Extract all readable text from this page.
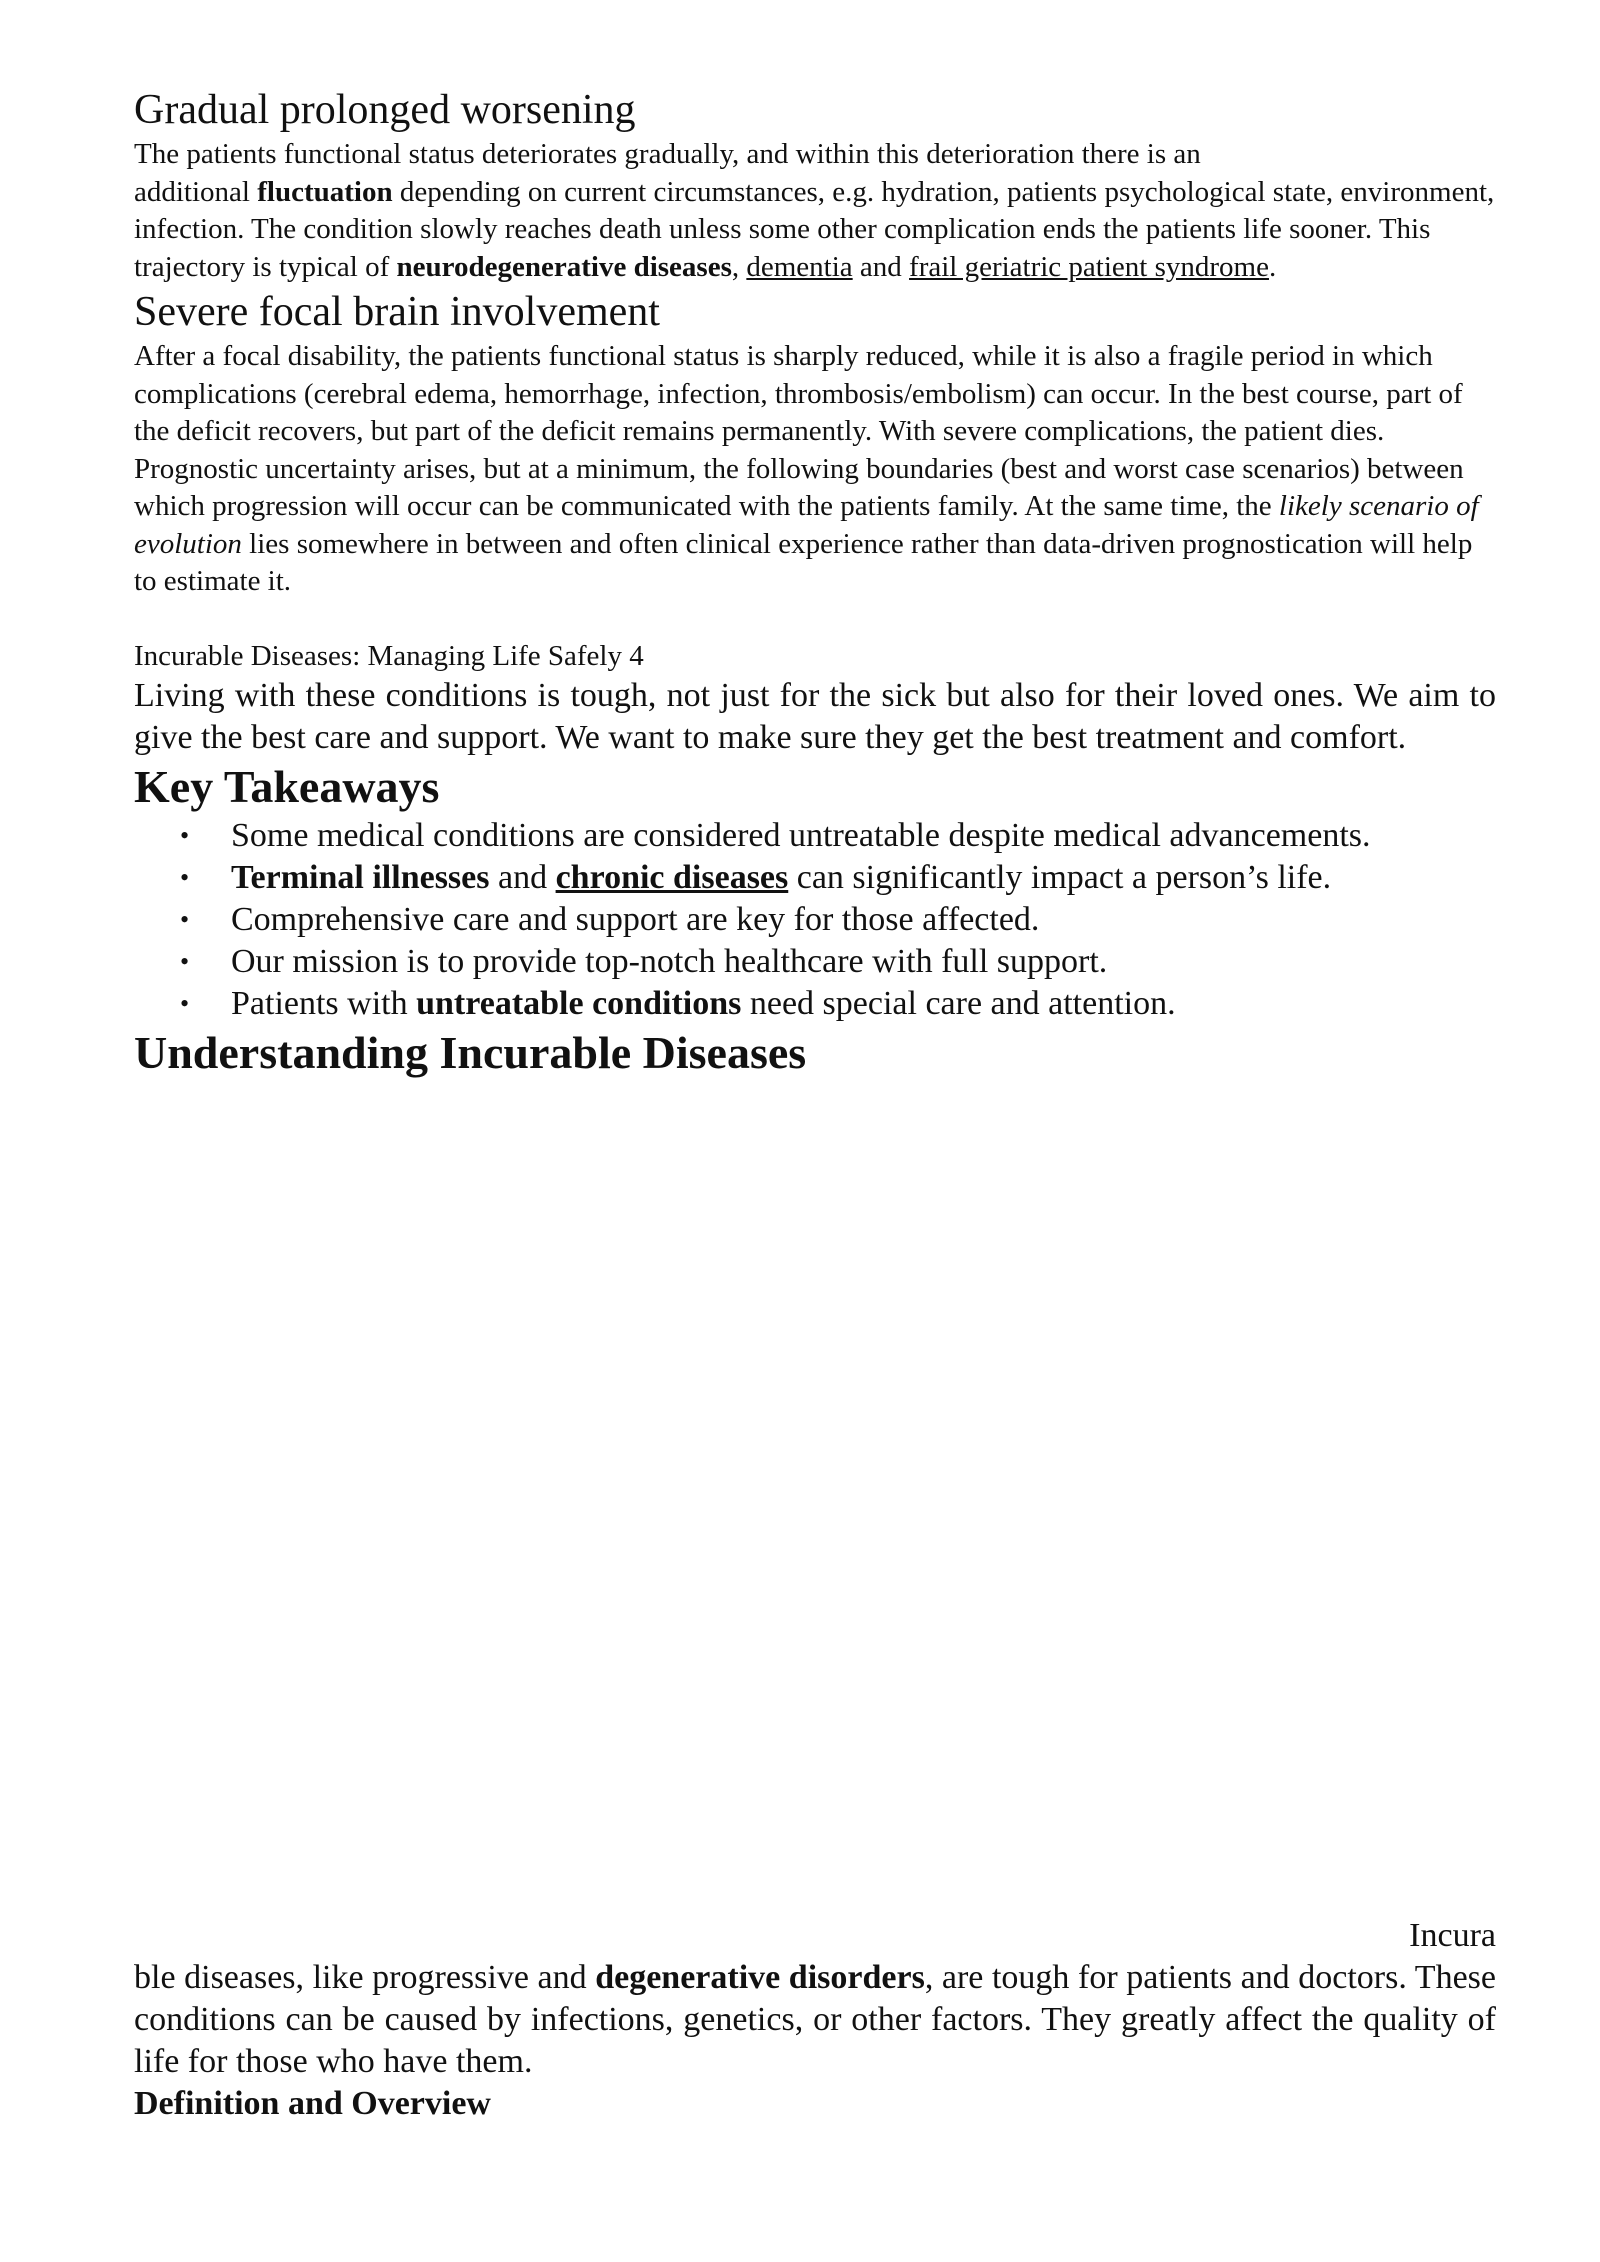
Gradual prolonged worsening

The patients functional status deteriorates gradually, and within this deterioration there is an
additional fluctuation depending on current circumstances, e.g. hydration, patients psychological state, environment, infection. The condition slowly reaches death unless some other complication ends the patients life sooner. This trajectory is typical of neurodegenerative diseases, dementia and frail geriatric patient syndrome.

Severe focal brain involvement

After a focal disability, the patients functional status is sharply reduced, while it is also a fragile period in which complications (cerebral edema, hemorrhage, infection, thrombosis/embolism) can occur. In the best course, part of the deficit recovers, but part of the deficit remains permanently. With severe complications, the patient dies. Prognostic uncertainty arises, but at a minimum, the following boundaries (best and worst case scenarios) between which progression will occur can be communicated with the patients family. At the same time, the likely scenario of evolution lies somewhere in between and often clinical experience rather than data-driven prognostication will help to estimate it.

Incurable Diseases: Managing Life Safely 4

Living with these conditions is tough, not just for the sick but also for their loved ones. We aim to give the best care and support. We want to make sure they get the best treatment and comfort.

Key Takeaways
• Some medical conditions are considered untreatable despite medical advancements.
• Terminal illnesses and chronic diseases can significantly impact a person’s life.
• Comprehensive care and support are key for those affected.
• Our mission is to provide top-notch healthcare with full support.
• Patients with untreatable conditions need special care and attention.
Understanding Incurable Diseases

Incura

ble diseases, like progressive and degenerative disorders, are tough for patients and doctors. These conditions can be caused by infections, genetics, or other factors. They greatly affect the quality of life for those who have them.

Definition and Overview
